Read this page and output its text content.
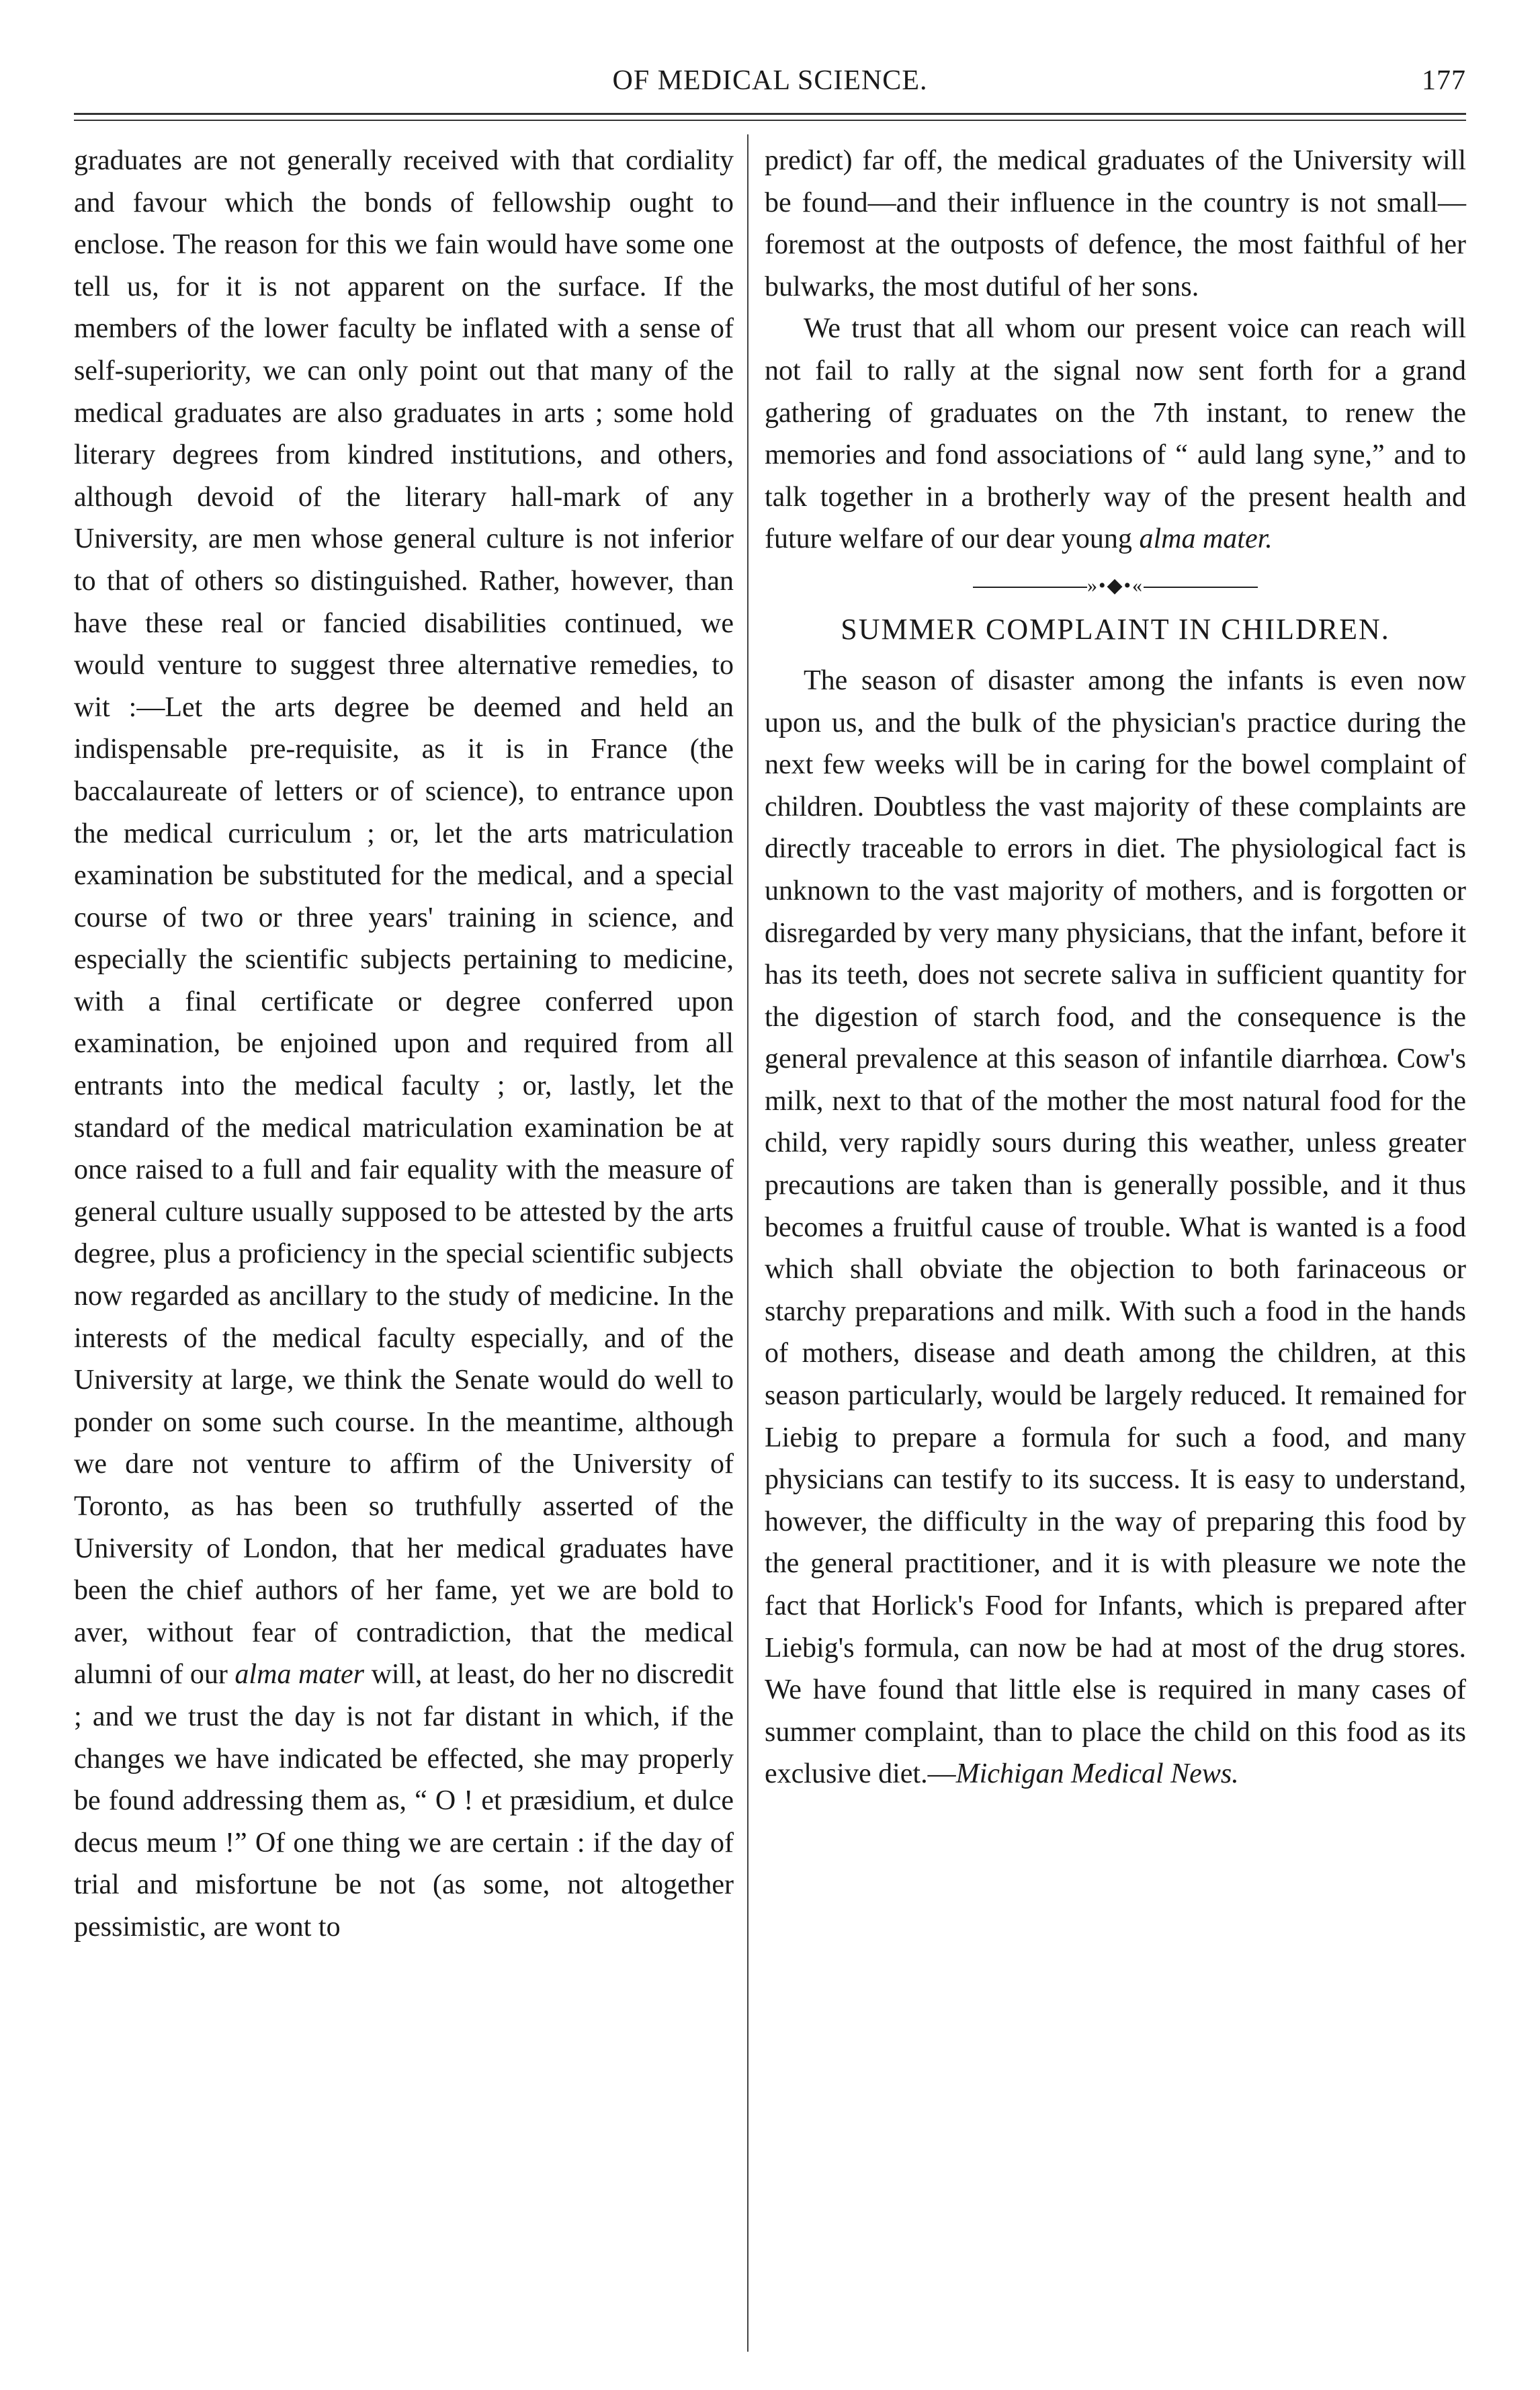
OF MEDICAL SCIENCE.	177

graduates are not generally received with that cordiality and favour which the bonds of fellowship ought to enclose. The reason for this we fain would have some one tell us, for it is not apparent on the surface. If the members of the lower faculty be inflated with a sense of self-superiority, we can only point out that many of the medical graduates are also graduates in arts ; some hold literary degrees from kindred institutions, and others, although devoid of the literary hall-mark of any University, are men whose general culture is not inferior to that of others so distinguished. Rather, however, than have these real or fancied disabilities continued, we would venture to suggest three alternative remedies, to wit :—Let the arts degree be deemed and held an indispensable pre-requisite, as it is in France (the baccalaureate of letters or of science), to entrance upon the medical curriculum ; or, let the arts matriculation examination be substituted for the medical, and a special course of two or three years' training in science, and especially the scientific subjects pertaining to medicine, with a final certificate or degree conferred upon examination, be enjoined upon and required from all entrants into the medical faculty ; or, lastly, let the standard of the medical matriculation examination be at once raised to a full and fair equality with the measure of general culture usually supposed to be attested by the arts degree, plus a proficiency in the special scientific subjects now regarded as ancillary to the study of medicine. In the interests of the medical faculty especially, and of the University at large, we think the Senate would do well to ponder on some such course. In the meantime, although we dare not venture to affirm of the University of Toronto, as has been so truthfully asserted of the University of London, that her medical graduates have been the chief authors of her fame, yet we are bold to aver, without fear of contradiction, that the medical alumni of our alma mater will, at least, do her no discredit ; and we trust the day is not far distant in which, if the changes we have indicated be effected, she may properly be found addressing them as, “ O ! et præsidium, et dulce decus meum !” Of one thing we are certain : if the day of trial and misfortune be not (as some, not altogether pessimistic, are wont to

predict) far off, the medical graduates of the University will be found—and their influence in the country is not small—foremost at the outposts of defence, the most faithful of her bulwarks, the most dutiful of her sons.

We trust that all whom our present voice can reach will not fail to rally at the signal now sent forth for a grand gathering of graduates on the 7th instant, to renew the memories and fond associations of “ auld lang syne,” and to talk together in a brotherly way of the present health and future welfare of our dear young alma mater.

»•◆•«
SUMMER COMPLAINT IN CHILDREN.

The season of disaster among the infants is even now upon us, and the bulk of the physician's practice during the next few weeks will be in caring for the bowel complaint of children. Doubtless the vast majority of these complaints are directly traceable to errors in diet. The physiological fact is unknown to the vast majority of mothers, and is forgotten or disregarded by very many physicians, that the infant, before it has its teeth, does not secrete saliva in sufficient quantity for the digestion of starch food, and the consequence is the general prevalence at this season of infantile diarrhœa. Cow's milk, next to that of the mother the most natural food for the child, very rapidly sours during this weather, unless greater precautions are taken than is generally possible, and it thus becomes a fruitful cause of trouble. What is wanted is a food which shall obviate the objection to both farinaceous or starchy preparations and milk. With such a food in the hands of mothers, disease and death among the children, at this season particularly, would be largely reduced. It remained for Liebig to prepare a formula for such a food, and many physicians can testify to its success. It is easy to understand, however, the difficulty in the way of preparing this food by the general practitioner, and it is with pleasure we note the fact that Horlick's Food for Infants, which is prepared after Liebig's formula, can now be had at most of the drug stores. We have found that little else is required in many cases of summer complaint, than to place the child on this food as its exclusive diet.—Michigan Medical News.
